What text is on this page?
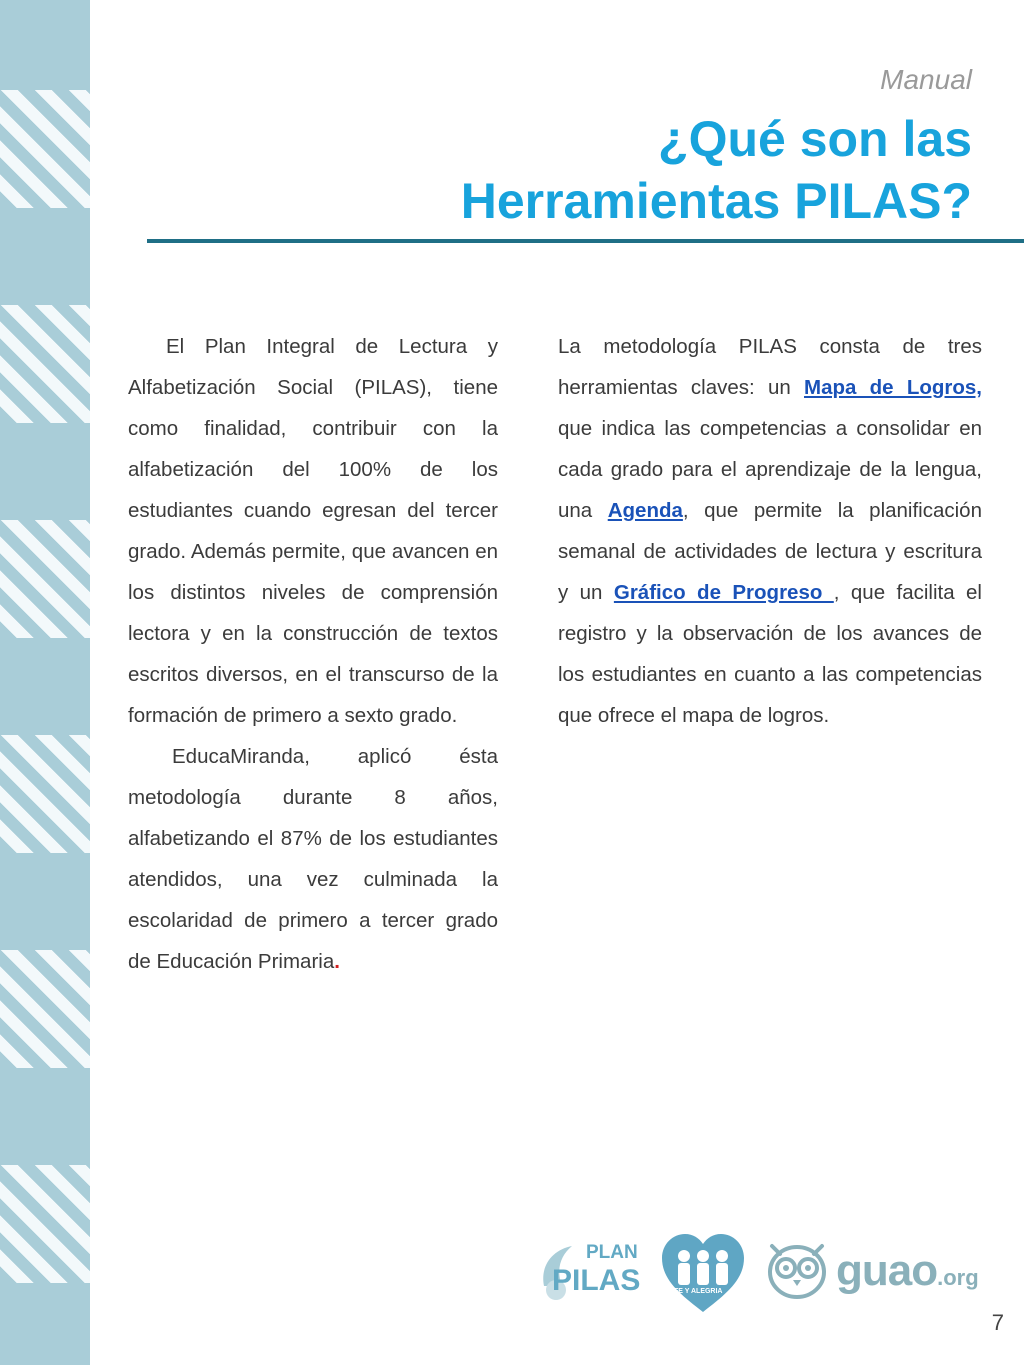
Manual
¿Qué son las
Herramientas PILAS?

El Plan Integral de Lectura y Alfabetización Social (PILAS), tiene como finalidad, contribuir con la alfabetización del 100% de los estudiantes cuando egresan del tercer grado. Además permite, que avancen en los distintos niveles de comprensión lectora y en la construcción de textos escritos diversos, en el transcurso de la formación de primero a sexto grado.

EducaMiranda, aplicó ésta metodología durante 8 años, alfabetizando el 87% de los estudiantes atendidos, una vez culminada la escolaridad de primero a tercer grado de Educación Primaria.

La metodología PILAS consta de tres herramientas claves: un Mapa de Logros, que indica las competencias a consolidar en cada grado para el aprendizaje de la lengua, una Agenda, que permite la planificación semanal de actividades de lectura y escritura y un Gráfico de Progreso , que facilita el registro y la observación de los avances de los estudiantes en cuanto a las competencias que ofrece el mapa de logros.

PLAN
PILAS	FE Y ALEGRIA	guao.org
7
